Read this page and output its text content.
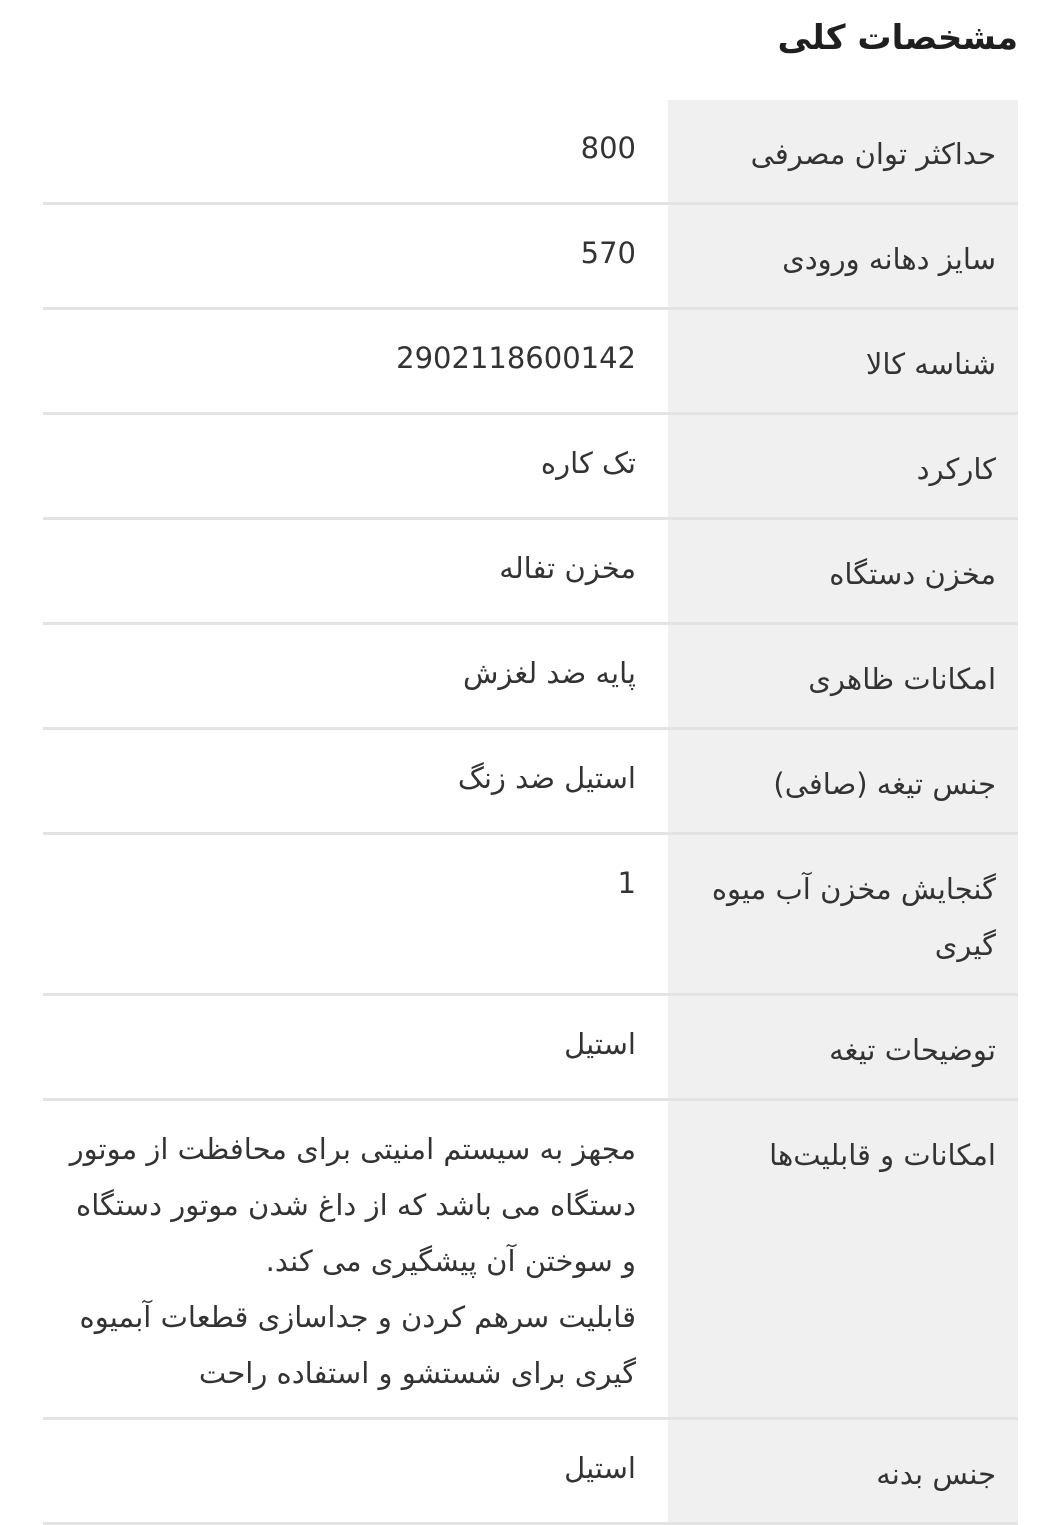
مشخصات کلی
حداکثر توان مصرفی
800
سایز دهانه ورودی
570
شناسه کالا
2902118600142
کارکرد
تک کاره
مخزن دستگاه
مخزن تفاله
امکانات ظاهری
پایه ضد لغزش
جنس تیغه (صافی)
استیل ضد زنگ
گنجایش مخزن آب میوه گیری
1
توضیحات تیغه
استیل
امکانات و قابلیت‌ها
مجهز به سیستم امنیتی برای محافظت از موتور دستگاه می باشد که از داغ شدن موتور دستگاه و سوختن آن پیشگیری می کند.
قابلیت سرهم کردن و جداسازی قطعات آبمیوه گیری برای شستشو و استفاده راحت
جنس بدنه
استیل
